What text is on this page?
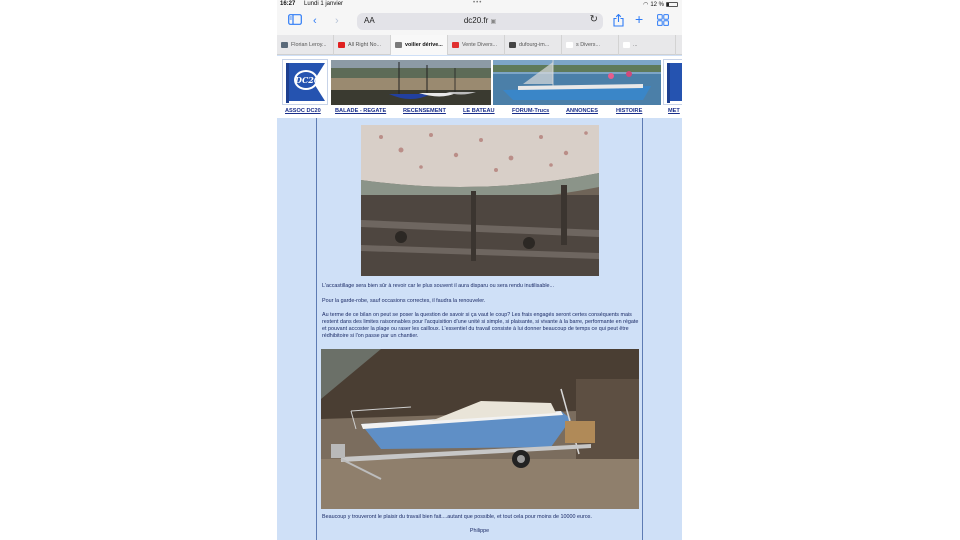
16:27 Lundi 1 janvier	•••	◠ 12 %
‹ ›	AA	dc20.fr ▣	↻	+
Florian Leroy...	All Right No...	voilier dérive...	Vente Divers...	dufourg-im...	s Divers...	...
DC20
ASSOC DC20	BALADE - REGATE	RECENSEMENT	LE BATEAU	FORUM-Trucs	ANNONCES	HISTOIRE	MET

L'accastillage sera bien sûr à revoir car le plus souvent il aura disparu ou sera rendu inutilisable...

Pour la garde-robe, sauf occasions correctes, il faudra la renouveler.

Au terme de ce bilan on peut se poser la question de savoir si ça vaut le coup? Les frais engagés seront certes conséquents mais restent dans des limites raisonnables pour l'acquisition d'une unité si simple, si plaisante, si vivante à la barre, performante en régate et pouvant accoster la plage ou raser les cailloux. L'essentiel du travail consiste à lui donner beaucoup de temps ce qui peut être rédhibitoire si l'on passe par un chantier.

Beaucoup y trouveront le plaisir du travail bien fait....autant que possible, et tout cela pour moins de 10000 euros.

Philippe
